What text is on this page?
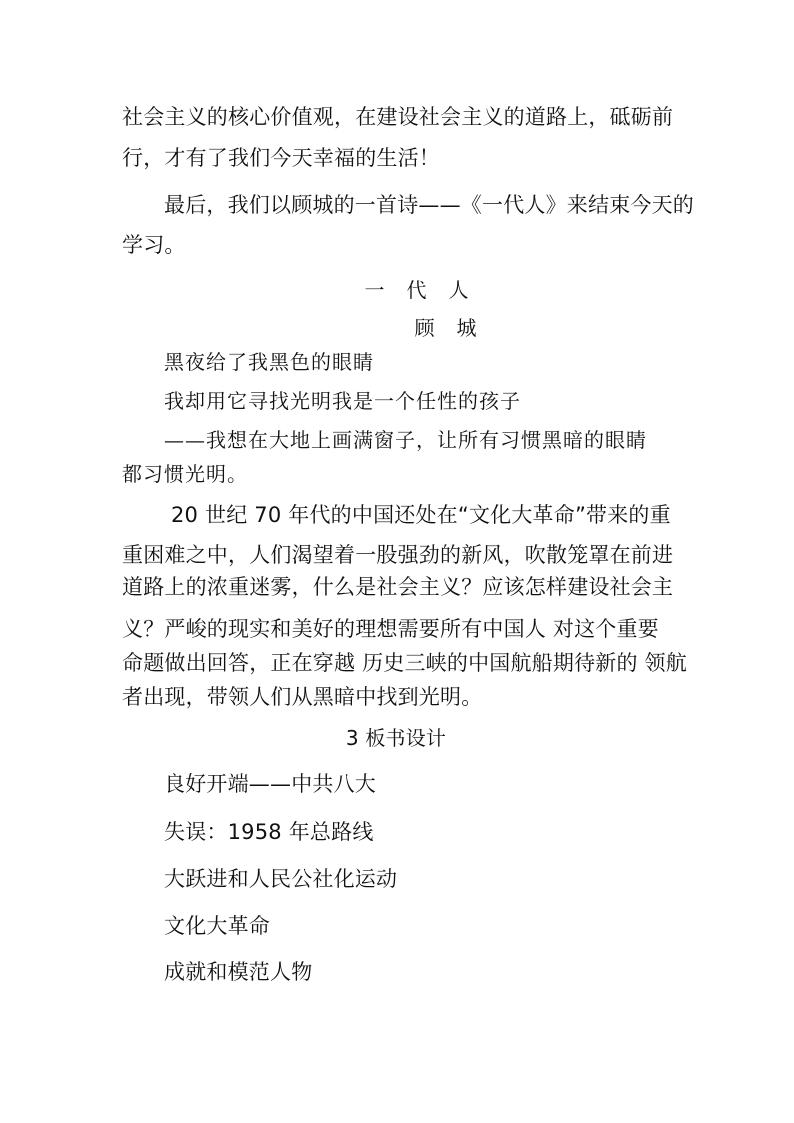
社会主义的核心价值观，在建设社会主义的道路上，砥砺前
行，才有了我们今天幸福的生活！
最后，我们以顾城的一首诗——《一代人》来结束今天的
学习。
一　代　人
顾　城
黑夜给了我黑色的眼睛
我却用它寻找光明我是一个任性的孩子
——我想在大地上画满窗子，让所有习惯黑暗的眼睛
都习惯光明。
20 世纪 70 年代的中国还处在“文化大革命”带来的重
重困难之中，人们渴望着一股强劲的新风，吹散笼罩在前进
道路上的浓重迷雾，什么是社会主义？应该怎样建设社会主
义？严峻的现实和美好的理想需要所有中国人 对这个重要
命题做出回答，正在穿越 历史三峡的中国航船期待新的 领航
者出现，带领人们从黑暗中找到光明。
3 板书设计
良好开端——中共八大
失误：1958 年总路线
大跃进和人民公社化运动
文化大革命
成就和模范人物
